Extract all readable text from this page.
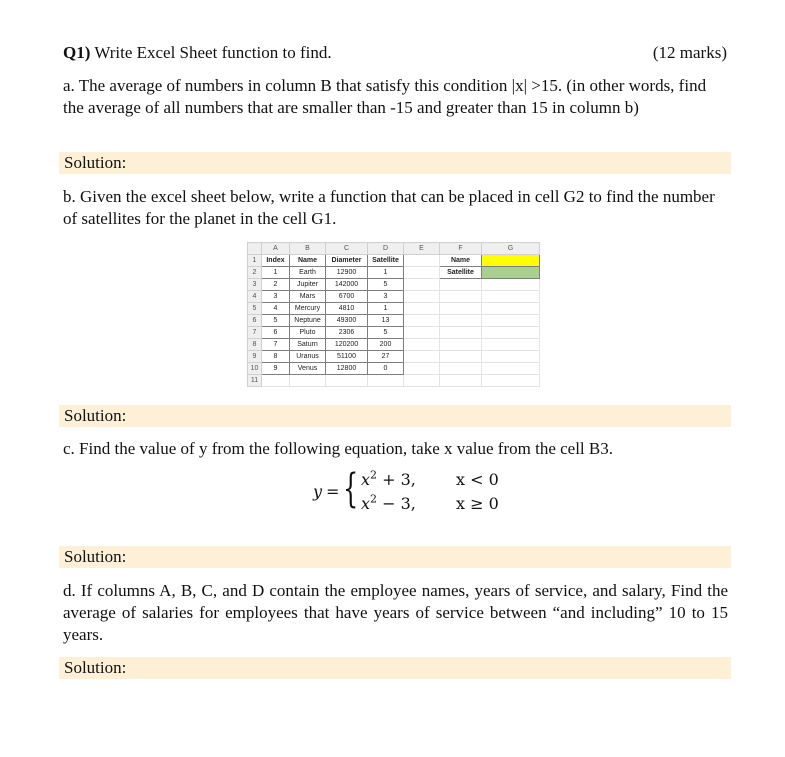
Q1) Write Excel Sheet function to find.	(12 marks)
a. The average of numbers in column B that satisfy this condition |x| >15. (in other words, find the average of all numbers that are smaller than -15 and greater than 15 in column b)
Solution:
b. Given the excel sheet below, write a function that can be placed in cell G2 to find the number of satellites for the planet in the cell G1.
	A	B	C	D	E	F	G
1	Index	Name	Diameter	Satellite		Name	
2	1	Earth	12900	1		Satellite	
3	2	Jupiter	142000	5			
4	3	Mars	6700	3			
5	4	Mercury	4810	1			
6	5	Neptune	49300	13			
7	6	Pluto	2306	5			
8	7	Saturn	120200	200			
9	8	Uranus	51100	27			
10	9	Venus	12800	0			
11							
Solution:
c. Find the value of y from the following equation, take x value from the cell B3.
y = { $x^2 + 3$,	x < 0
$x^2 - 3$,	x ≥ 0
Solution:
d. If columns A, B, C, and D contain the employee names, years of service, and salary, Find the average of salaries for employees that have years of service between “and including” 10 to 15 years.
Solution:
